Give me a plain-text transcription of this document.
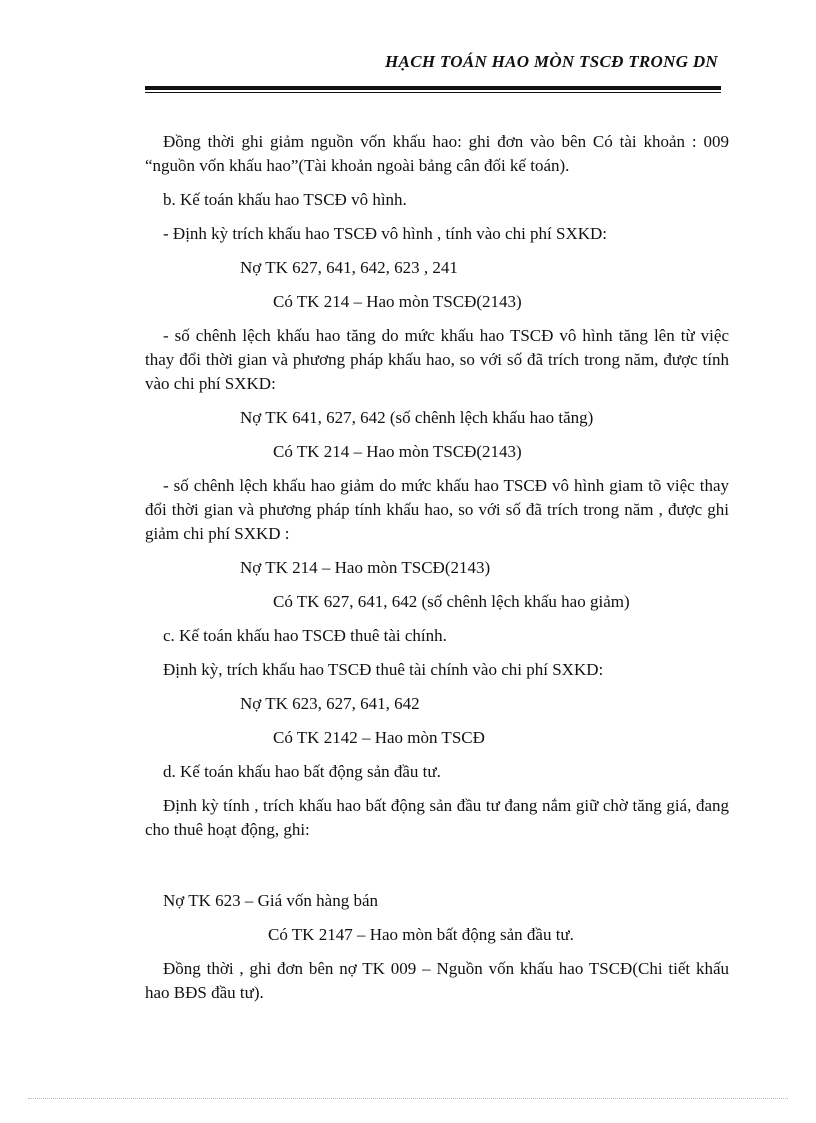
HẠCH TOÁN HAO MÒN TSCĐ TRONG DN

Đồng thời ghi giảm nguồn vốn khấu hao: ghi đơn vào bên Có tài khoản : 009 “nguồn vốn khấu hao”(Tài khoản ngoài bảng cân đối kế toán).

b. Kế toán khấu hao TSCĐ vô hình.

- Định kỳ trích khấu hao TSCĐ vô hình , tính vào chi phí SXKD:

Nợ TK 627, 641, 642, 623 , 241

Có TK 214 – Hao mòn TSCĐ(2143)

- số chênh lệch khấu hao tăng do mức khấu hao TSCĐ vô hình tăng lên từ việc thay đổi thời gian và phương pháp khấu hao, so với số đã trích trong năm, được tính vào chi phí SXKD:

Nợ TK 641, 627, 642 (số chênh lệch khấu hao tăng)

Có TK 214 – Hao mòn TSCĐ(2143)

- số chênh lệch khấu hao giảm do mức khấu hao TSCĐ vô hình giam tõ việc thay đổi thời gian và phương pháp tính khấu hao, so với số đã trích trong năm , được ghi giảm chi phí SXKD :

Nợ TK 214 – Hao mòn TSCĐ(2143)

Có TK 627, 641, 642 (số chênh lệch khấu hao giảm)

c. Kế toán khấu hao TSCĐ thuê tài chính.

Định kỳ, trích khấu hao TSCĐ thuê tài chính vào chi phí SXKD:

Nợ TK 623, 627, 641, 642

Có TK 2142 – Hao mòn TSCĐ

d. Kế toán khấu hao bất động sản đầu tư.

Định kỳ tính , trích khấu hao bất động sản đầu tư đang nắm giữ chờ tăng giá, đang cho thuê hoạt động, ghi:

Nợ TK 623 – Giá vốn hàng bán

Có TK 2147 – Hao mòn bất động sản đầu tư.

Đồng thời , ghi đơn bên nợ TK 009 – Nguồn vốn khấu hao TSCĐ(Chi tiết khấu hao BĐS đầu tư).
